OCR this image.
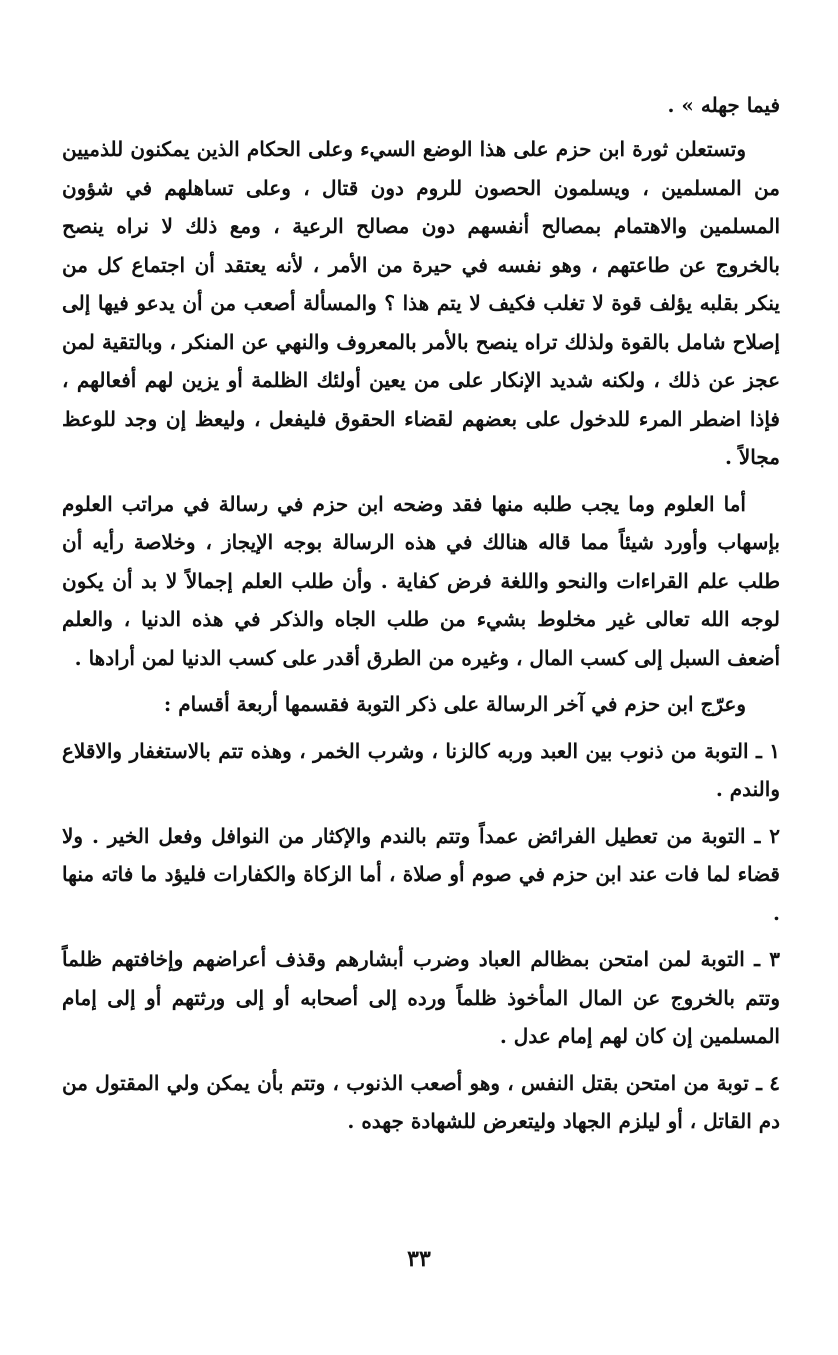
فيما جهله » .

وتستعلن ثورة ابن حزم على هذا الوضع السيء وعلى الحكام الذين يمكنون للذميين من المسلمين ، ويسلمون الحصون للروم دون قتال ، وعلى تساهلهم في شؤون المسلمين والاهتمام بمصالح أنفسهم دون مصالح الرعية ، ومع ذلك لا نراه ينصح بالخروج عن طاعتهم ، وهو نفسه في حيرة من الأمر ، لأنه يعتقد أن اجتماع كل من ينكر بقلبه يؤلف قوة لا تغلب فكيف لا يتم هذا ؟ والمسألة أصعب من أن يدعو فيها إلى إصلاح شامل بالقوة ولذلك تراه ينصح بالأمر بالمعروف والنهي عن المنكر ، وبالتقية لمن عجز عن ذلك ، ولكنه شديد الإنكار على من يعين أولئك الظلمة أو يزين لهم أفعالهم ، فإذا اضطر المرء للدخول على بعضهم لقضاء الحقوق فليفعل ، وليعظ إن وجد للوعظ مجالاً .

أما العلوم وما يجب طلبه منها فقد وضحه ابن حزم في رسالة في مراتب العلوم بإسهاب وأورد شيئاً مما قاله هنالك في هذه الرسالة بوجه الإيجاز ، وخلاصة رأيه أن طلب علم القراءات والنحو واللغة فرض كفاية . وأن طلب العلم إجمالاً لا بد أن يكون لوجه الله تعالى غير مخلوط بشيء من طلب الجاه والذكر في هذه الدنيا ، والعلم أضعف السبل إلى كسب المال ، وغيره من الطرق أقدر على كسب الدنيا لمن أرادها .

وعرّج ابن حزم في آخر الرسالة على ذكر التوبة فقسمها أربعة أقسام :

١ ـ التوبة من ذنوب بين العبد وربه كالزنا ، وشرب الخمر ، وهذه تتم بالاستغفار والاقلاع والندم .

٢ ـ التوبة من تعطيل الفرائض عمداً وتتم بالندم والإكثار من النوافل وفعل الخير . ولا قضاء لما فات عند ابن حزم في صوم أو صلاة ، أما الزكاة والكفارات فليؤد ما فاته منها .

٣ ـ التوبة لمن امتحن بمظالم العباد وضرب أبشارهم وقذف أعراضهم وإخافتهم ظلماً وتتم بالخروج عن المال المأخوذ ظلماً ورده إلى أصحابه أو إلى ورثتهم أو إلى إمام المسلمين إن كان لهم إمام عدل .

٤ ـ توبة من امتحن بقتل النفس ، وهو أصعب الذنوب ، وتتم بأن يمكن ولي المقتول من دم القاتل ، أو ليلزم الجهاد وليتعرض للشهادة جهده .

٣٣
